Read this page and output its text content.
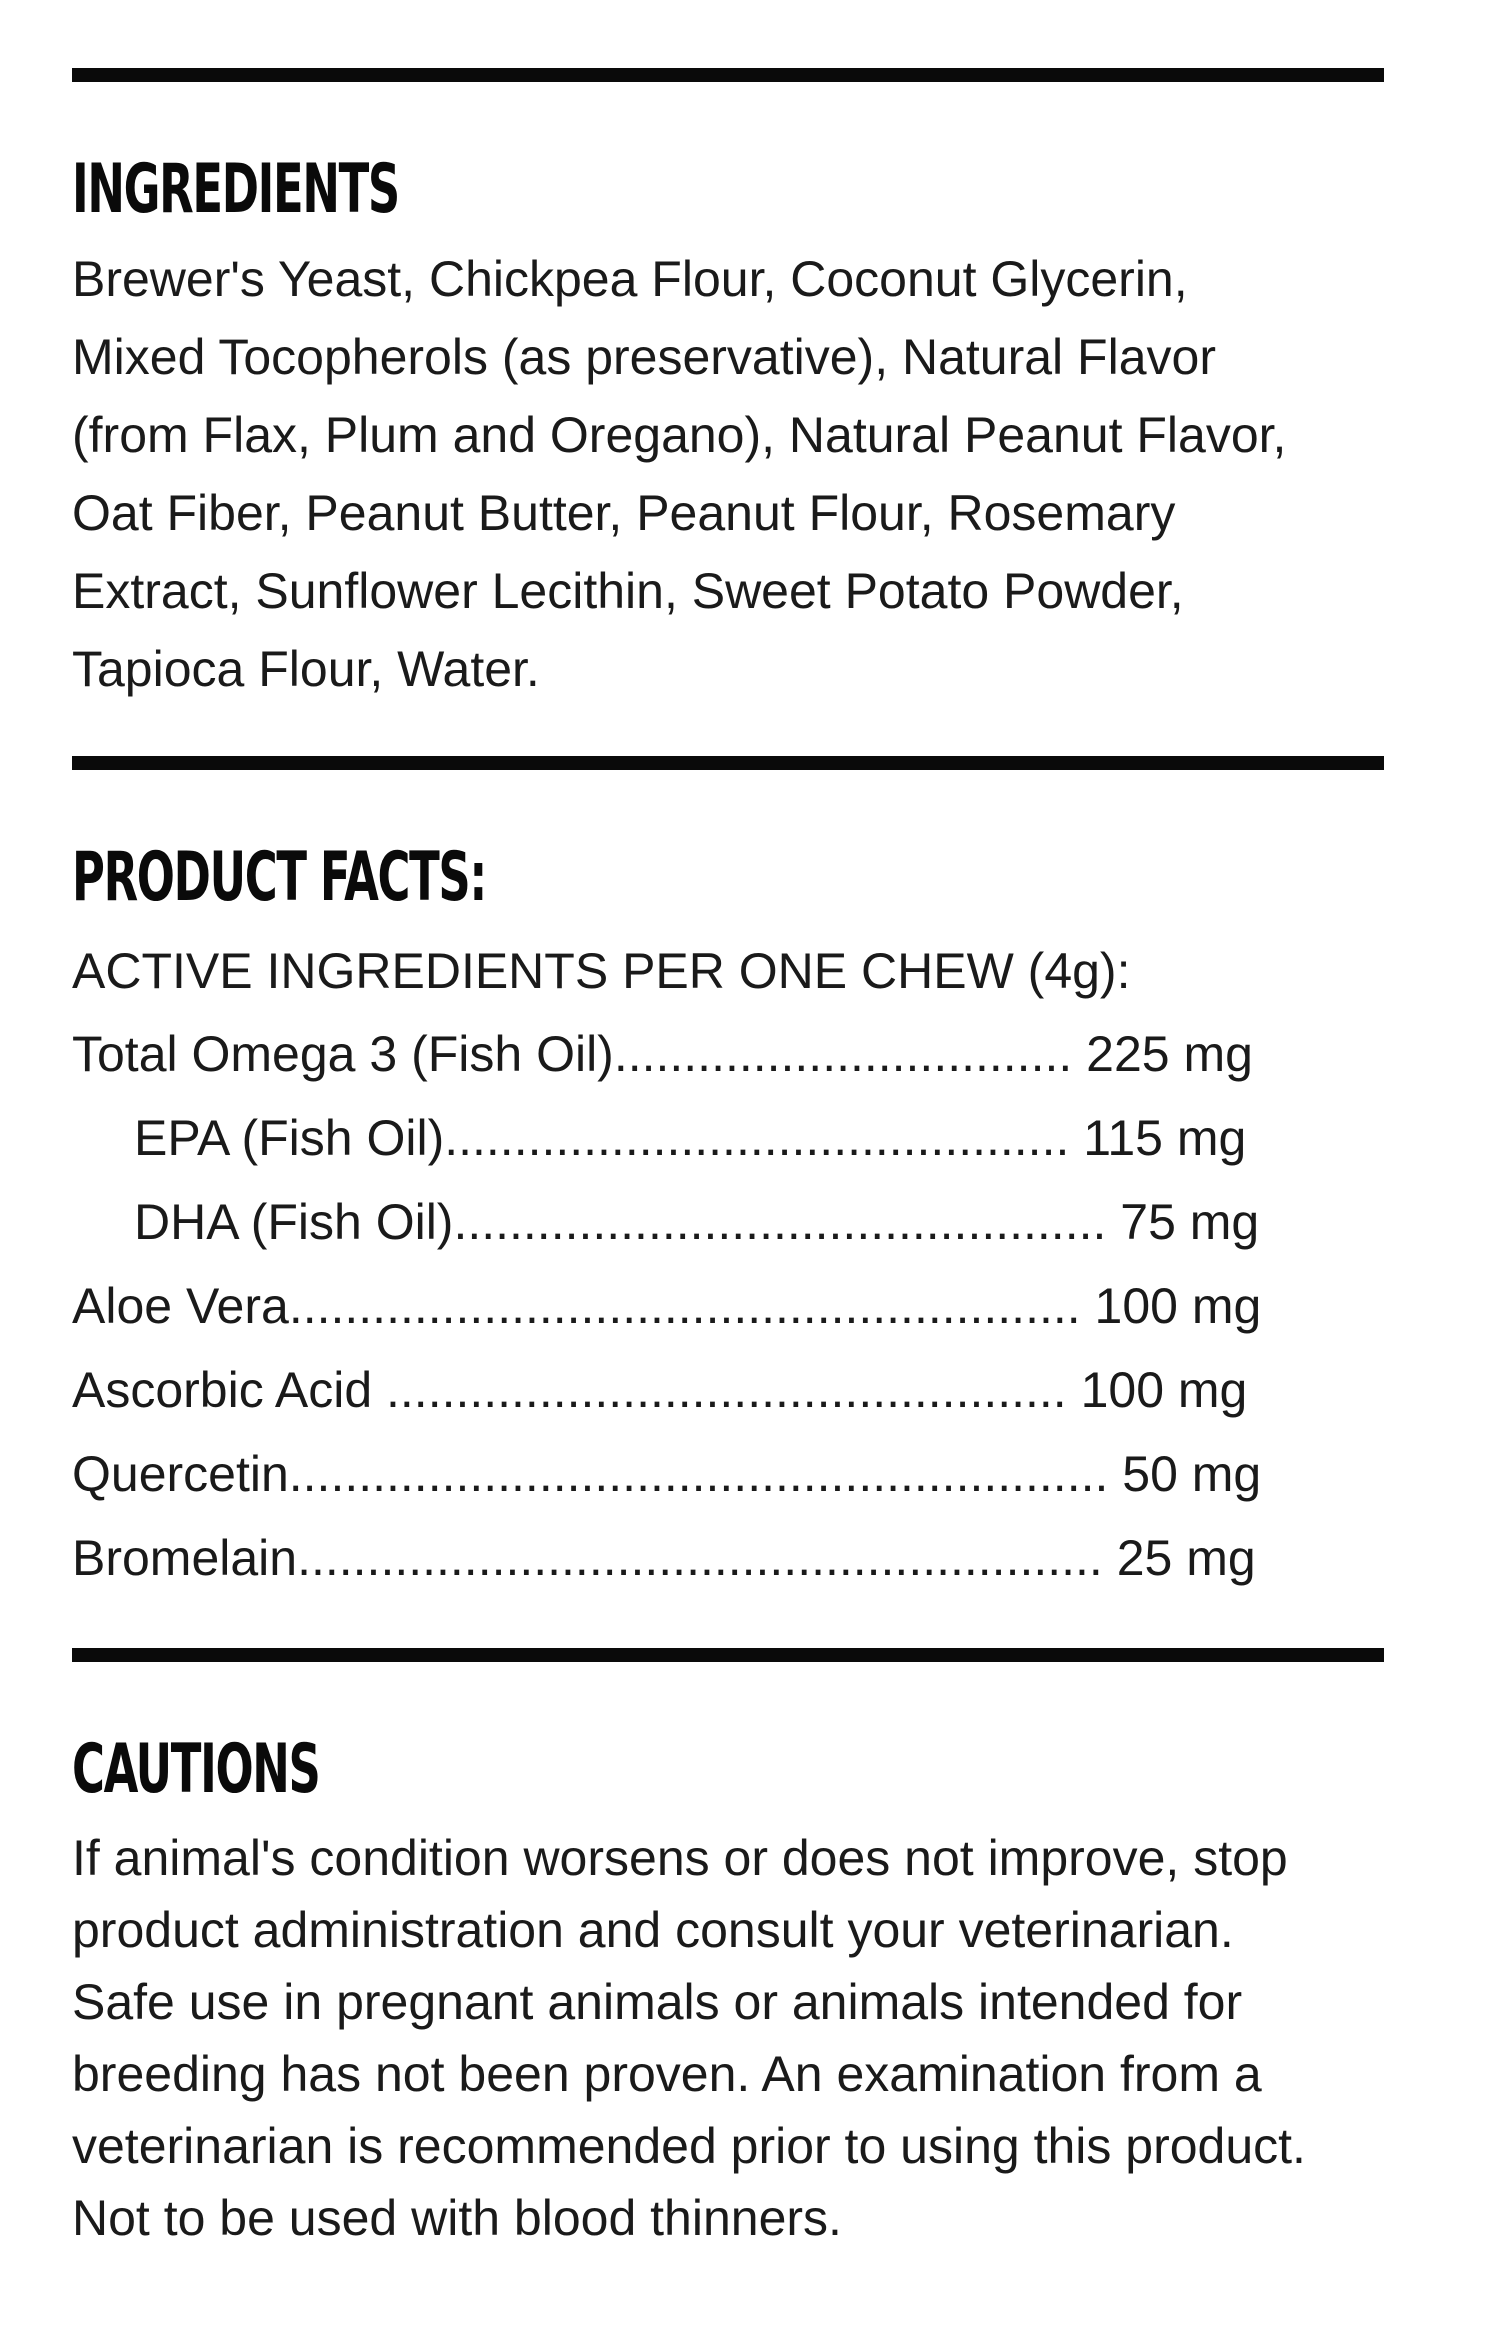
INGREDIENTS
Brewer's Yeast, Chickpea Flour, Coconut Glycerin,
Mixed Tocopherols (as preservative), Natural Flavor
(from Flax, Plum and Oregano), Natural Peanut Flavor,
Oat Fiber, Peanut Butter, Peanut Flour, Rosemary
Extract, Sunflower Lecithin, Sweet Potato Powder,
Tapioca Flour, Water.
PRODUCT FACTS:

ACTIVE INGREDIENTS PER ONE CHEW (4g):

Total Omega 3 (Fish Oil)................................. 225 mg
EPA (Fish Oil)............................................. 115 mg
DHA (Fish Oil)............................................... 75 mg
Aloe Vera......................................................... 100 mg
Ascorbic Acid ................................................. 100 mg
Quercetin........................................................... 50 mg
Bromelain.......................................................... 25 mg
CAUTIONS
If animal's condition worsens or does not improve, stop
product administration and consult your veterinarian.
Safe use in pregnant animals or animals intended for
breeding has not been proven. An examination from a
veterinarian is recommended prior to using this product.
Not to be used with blood thinners.
